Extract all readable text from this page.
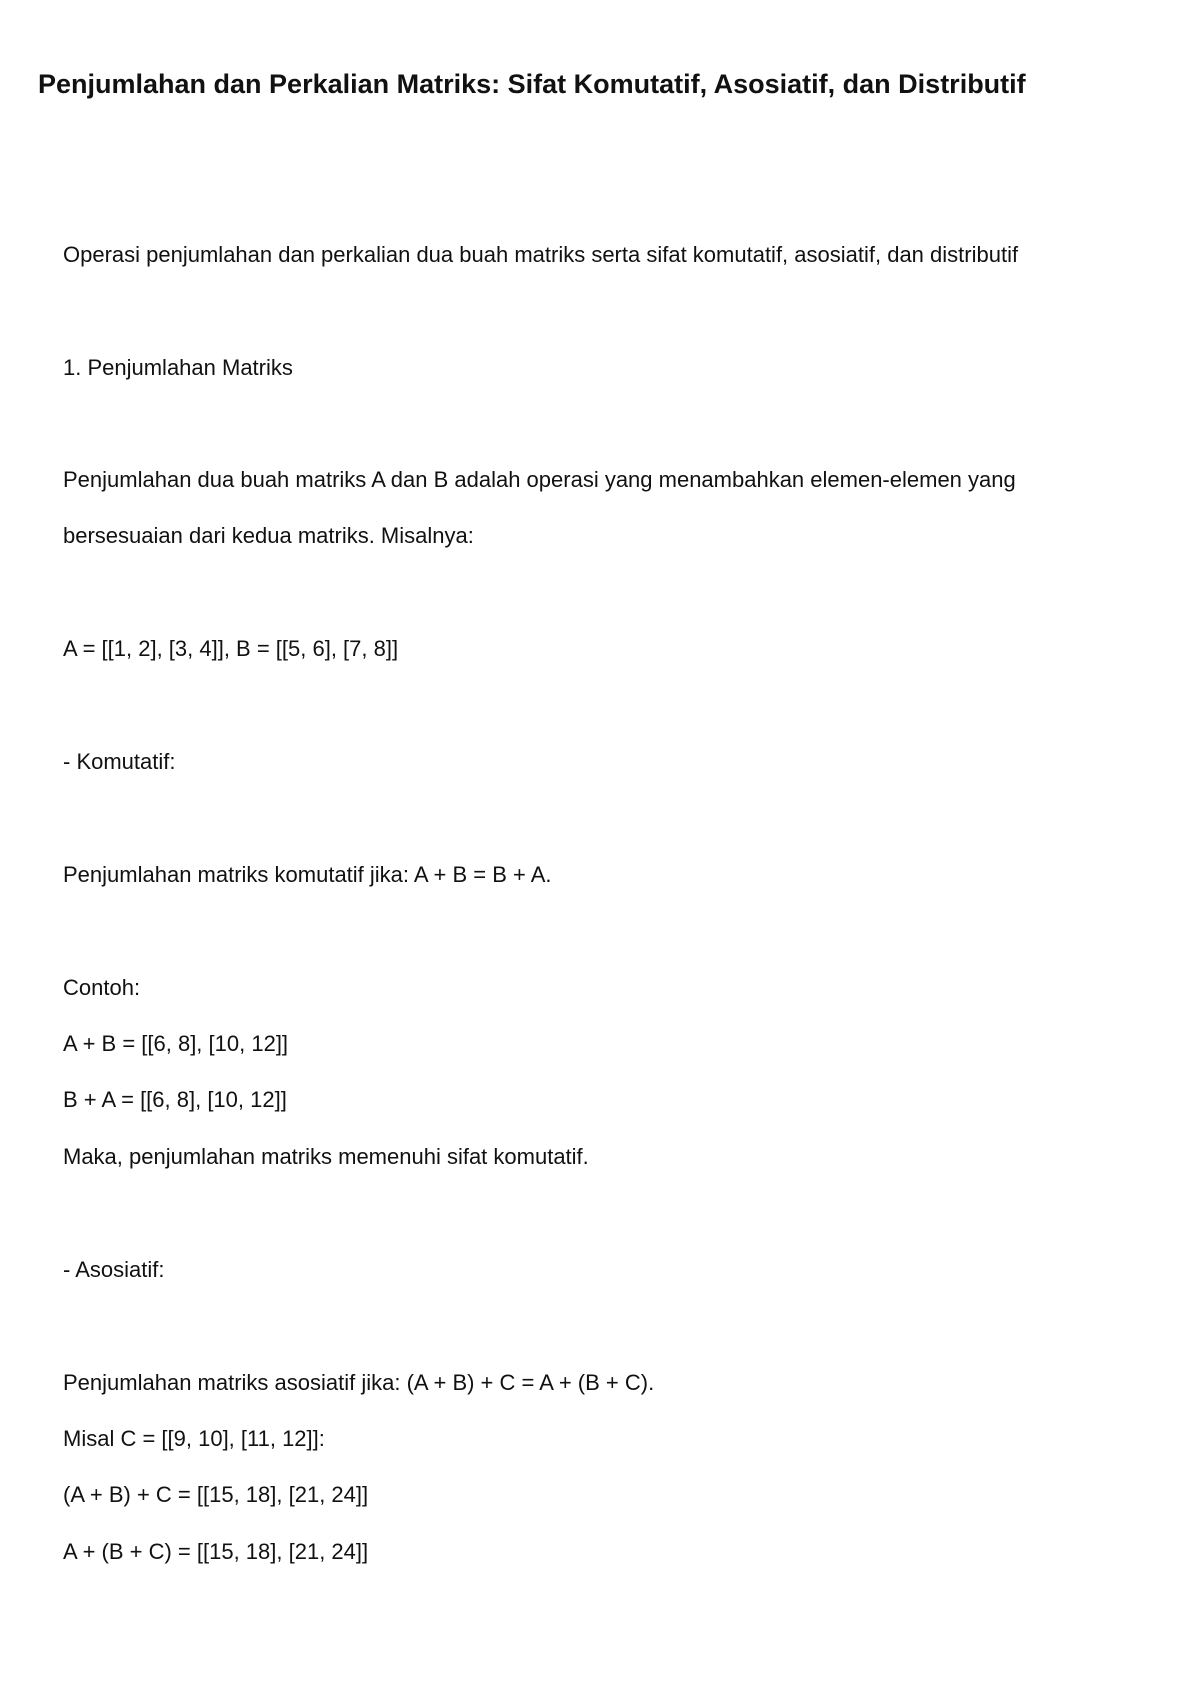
Penjumlahan dan Perkalian Matriks: Sifat Komutatif, Asosiatif, dan Distributif

Operasi penjumlahan dan perkalian dua buah matriks serta sifat komutatif, asosiatif, dan distributif

1. Penjumlahan Matriks

Penjumlahan dua buah matriks A dan B adalah operasi yang menambahkan elemen-elemen yang

bersesuaian dari kedua matriks. Misalnya:

A = [[1, 2], [3, 4]], B = [[5, 6], [7, 8]]

- Komutatif:

Penjumlahan matriks komutatif jika: A + B = B + A.

Contoh:

A + B = [[6, 8], [10, 12]]

B + A = [[6, 8], [10, 12]]

Maka, penjumlahan matriks memenuhi sifat komutatif.

- Asosiatif:

Penjumlahan matriks asosiatif jika: (A + B) + C = A + (B + C).

Misal C = [[9, 10], [11, 12]]:

(A + B) + C = [[15, 18], [21, 24]]

A + (B + C) = [[15, 18], [21, 24]]
